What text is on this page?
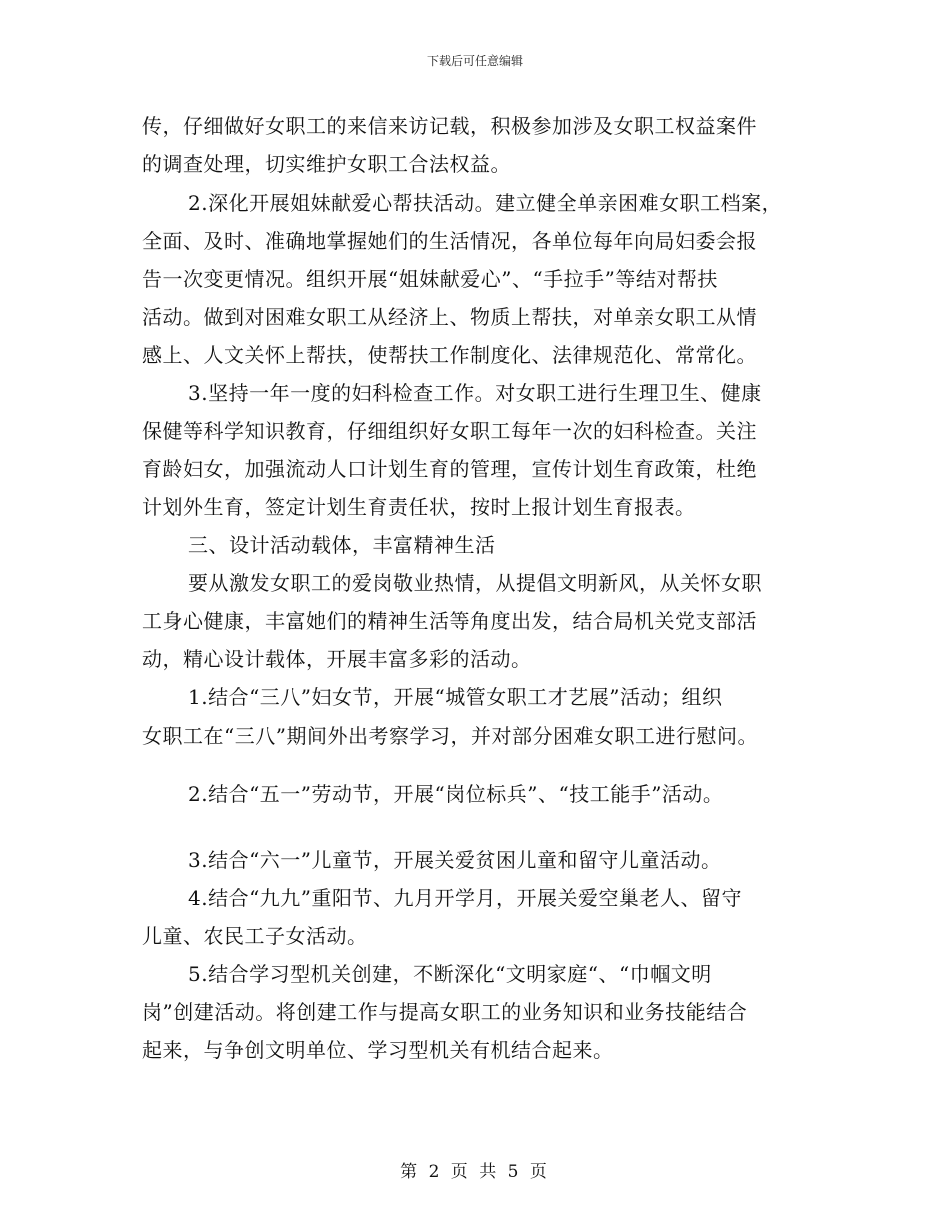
下载后可任意编辑
传，仔细做好女职工的来信来访记载，积极参加涉及女职工权益案件
的调查处理，切实维护女职工合法权益。
2.深化开展姐妹献爱心帮扶活动。建立健全单亲困难女职工档案，
全面、及时、准确地掌握她们的生活情况，各单位每年向局妇委会报
告一次变更情况。组织开展“姐妹献爱心”、“手拉手”等结对帮扶
活动。做到对困难女职工从经济上、物质上帮扶，对单亲女职工从情
感上、人文关怀上帮扶，使帮扶工作制度化、法律规范化、常常化。
3.坚持一年一度的妇科检查工作。对女职工进行生理卫生、健康
保健等科学知识教育，仔细组织好女职工每年一次的妇科检查。关注
育龄妇女，加强流动人口计划生育的管理，宣传计划生育政策，杜绝
计划外生育，签定计划生育责任状，按时上报计划生育报表。
三、设计活动载体，丰富精神生活
要从激发女职工的爱岗敬业热情，从提倡文明新风，从关怀女职
工身心健康，丰富她们的精神生活等角度出发，结合局机关党支部活
动，精心设计载体，开展丰富多彩的活动。
1.结合“三八”妇女节，开展“城管女职工才艺展”活动；组织
女职工在“三八”期间外出考察学习，并对部分困难女职工进行慰问。
2.结合“五一”劳动节，开展“岗位标兵”、“技工能手”活动。
3.结合“六一”儿童节，开展关爱贫困儿童和留守儿童活动。
4.结合“九九”重阳节、九月开学月，开展关爱空巢老人、留守
儿童、农民工子女活动。
5.结合学习型机关创建，不断深化“文明家庭“、“巾帼文明
岗”创建活动。将创建工作与提高女职工的业务知识和业务技能结合
起来，与争创文明单位、学习型机关有机结合起来。
第 2 页 共 5 页
